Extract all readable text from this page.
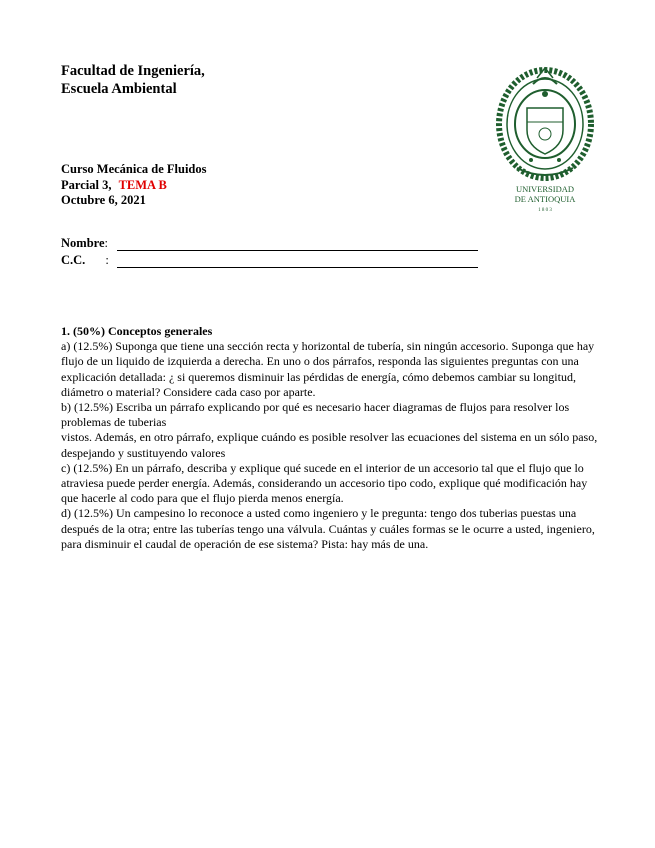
Facultad de Ingeniería,
Escuela Ambiental
Curso Mecánica de Fluidos
Parcial 3, TEMA B
Octubre 6, 2021
Nombre:
C.C. :
UNIVERSIDAD
DE ANTIOQUIA
1 8 0 3
1. (50%) Conceptos generales

a) (12.5%) Suponga que tiene una sección recta y horizontal de tubería, sin ningún accesorio. Suponga que hay flujo de un liquido de izquierda a derecha. En uno o dos párrafos, responda las siguientes preguntas con una explicación detallada: ¿ si queremos disminuir las pérdidas de energía, cómo debemos cambiar su longitud, diámetro o material? Considere cada caso por aparte.

b) (12.5%) Escriba un párrafo explicando por qué es necesario hacer diagramas de flujos para resolver los problemas de tuberias

vistos. Además, en otro párrafo, explique cuándo es posible resolver las ecuaciones del sistema en un sólo paso, despejando y sustituyendo valores

c) (12.5%) En un párrafo, describa y explique qué sucede en el interior de un accesorio tal que el flujo que lo atraviesa puede perder energía. Además, considerando un accesorio tipo codo, explique qué modificación hay que hacerle al codo para que el flujo pierda menos energía.

d) (12.5%) Un campesino lo reconoce a usted como ingeniero y le pregunta: tengo dos tuberias puestas una después de la otra; entre las tuberías tengo una válvula. Cuántas y cuáles formas se le ocurre a usted, ingeniero, para disminuir el caudal de operación de ese sistema? Pista: hay más de una.
